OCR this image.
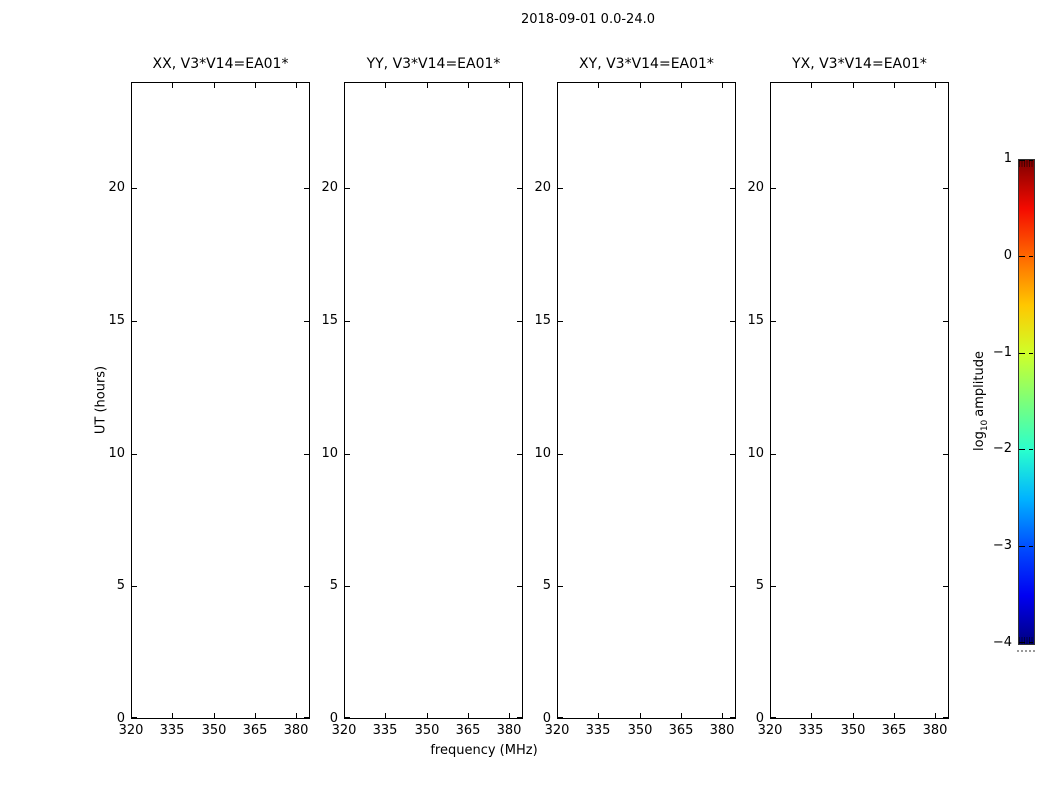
2018-09-01 0.0-24.0
frequency (MHz)
UT (hours)
XX, V3*V14=EA01*
320	335	350	365	380
0
5
10
15
20
YY, V3*V14=EA01*
320	335	350	365	380
0
5
10
15
20
XY, V3*V14=EA01*
320	335	350	365	380
0
5
10
15
20
YX, V3*V14=EA01*
320	335	350	365	380
0
5
10
15
20
$\log_{10}amplitude$
1
0
−1
−2
−3
−4
